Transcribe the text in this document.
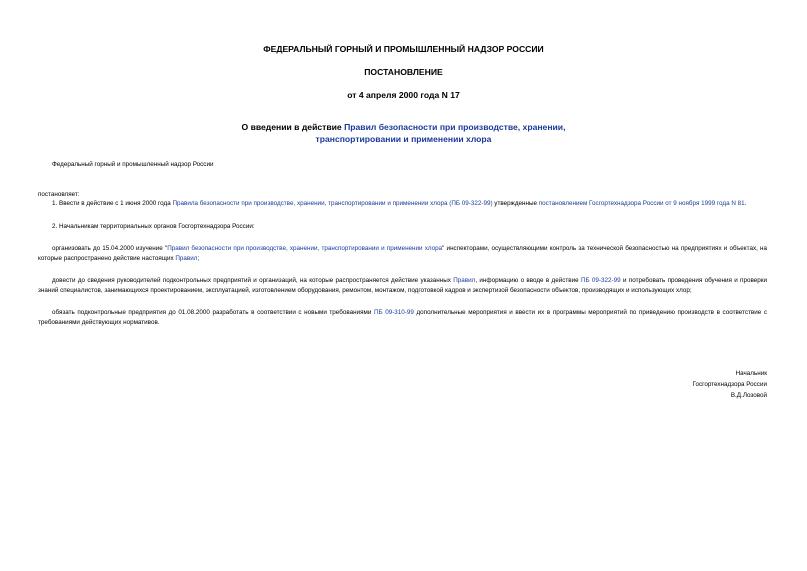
ФЕДЕРАЛЬНЫЙ ГОРНЫЙ И ПРОМЫШЛЕННЫЙ НАДЗОР РОССИИ
ПОСТАНОВЛЕНИЕ
от 4 апреля 2000 года N 17
О введении в действие Правил безопасности при производстве, хранении,
транспортировании и применении хлора

Федеральный горный и промышленный надзор России

постановляет:

1. Ввести в действие с 1 июня 2000 года Правила безопасности при производстве, хранении, транспортировании и применении хлора (ПБ 09-322-99) утвержденные постановлением Госгортехнадзора России от 9 ноября 1999 года N 81.

2. Начальникам территориальных органов Госгортехнадзора России:

организовать до 15.04.2000 изучение "Правил безопасности при производстве, хранении, транспортировании и применении хлора" инспекторами, осуществляющими контроль за технической безопасностью на предприятиях и объектах, на которые распространено действие настоящих Правил;

довести до сведения руководителей подконтрольных предприятий и организаций, на которые распространяется действие указанных Правил, информацию о вводе в действие ПБ 09-322-99 и потребовать проведения обучения и проверки знаний специалистов, занимающихся проектированием, эксплуатацией, изготовлением оборудования, ремонтом, монтажом, подготовкой кадров и экспертизой безопасности объектов, производящих и использующих хлор;

обязать подконтрольные предприятия до 01.08.2000 разработать в соответствии с новыми требованиями ПБ 09-310-99 дополнительные мероприятия и ввести их в программы мероприятий по приведению производств в соответствие с требованиями действующих нормативов.

Начальник
Госгортехнадзора России
В.Д.Лозовой
